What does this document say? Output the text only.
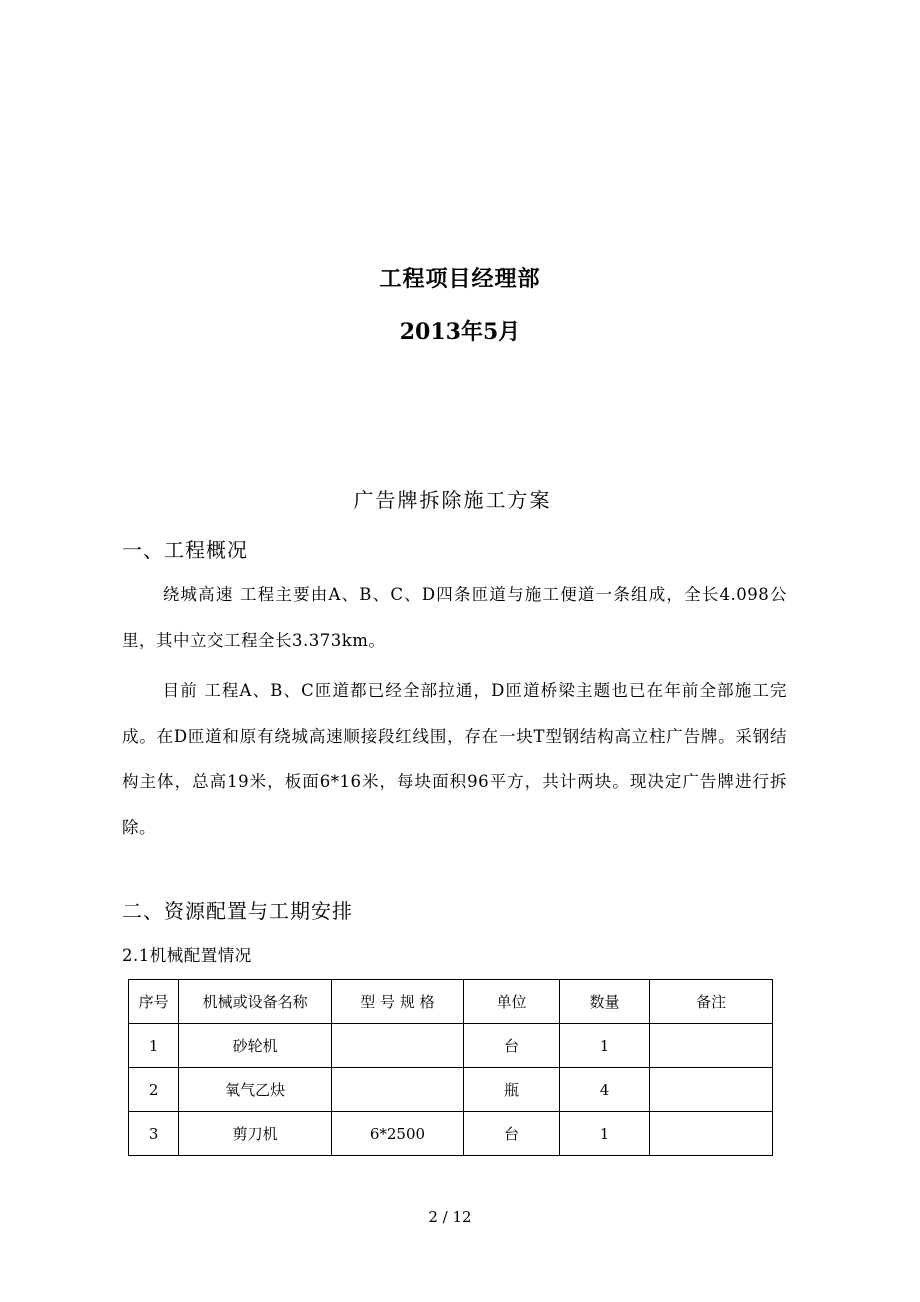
工程项目经理部
2013年5月
广告牌拆除施工方案
一、工程概况
绕城高速 工程主要由A、B、C、D四条匝道与施工便道一条组成，全长4.098公里，其中立交工程全长3.373km。
目前 工程A、B、C匝道都已经全部拉通，D匝道桥梁主题也已在年前全部施工完成。在D匝道和原有绕城高速顺接段红线围，存在一块T型钢结构高立柱广告牌。采钢结构主体，总高19米，板面6*16米，每块面积96平方，共计两块。现决定广告牌进行拆除。
二、资源配置与工期安排
2.1机械配置情况
序号	机械或设备名称	型 号 规 格	单位	数量	备注
1	砂轮机		台	1	
2	氧气乙炔		瓶	4	
3	剪刀机	6*2500	台	1	
2 / 12
